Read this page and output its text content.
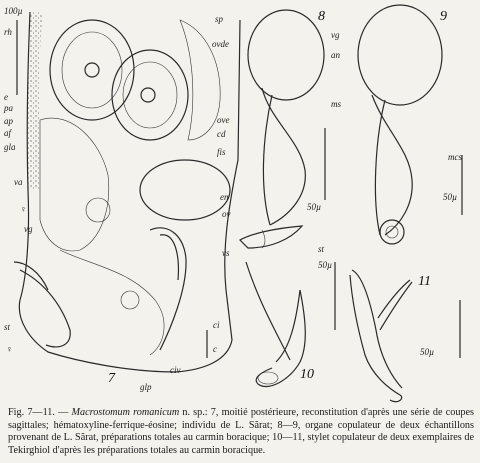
100µ
rh
sp
ovde
ove
cd
fis
e
pa
ap
af
gla
va
♀
vg
en
ov
vs
st
♀
glp
civ
ci
c
7
50µ
8
vg
an
ms
st
50µ
9
mcs
50µ
10
50µ
11
Fig. 7—11. — Macrostomum romanicum n. sp.: 7, moitié postérieure, reconstitution d'après une série de coupes sagittales; hématoxyline-ferrique-éosine; individu de L. Sărat; 8—9, organe copulateur de deux échantillons provenant de L. Sărat, préparations totales au carmin boracique; 10—11, stylet copulateur de deux exemplaires de Tekirghiol d'après les préparations totales au carmin boracique.
